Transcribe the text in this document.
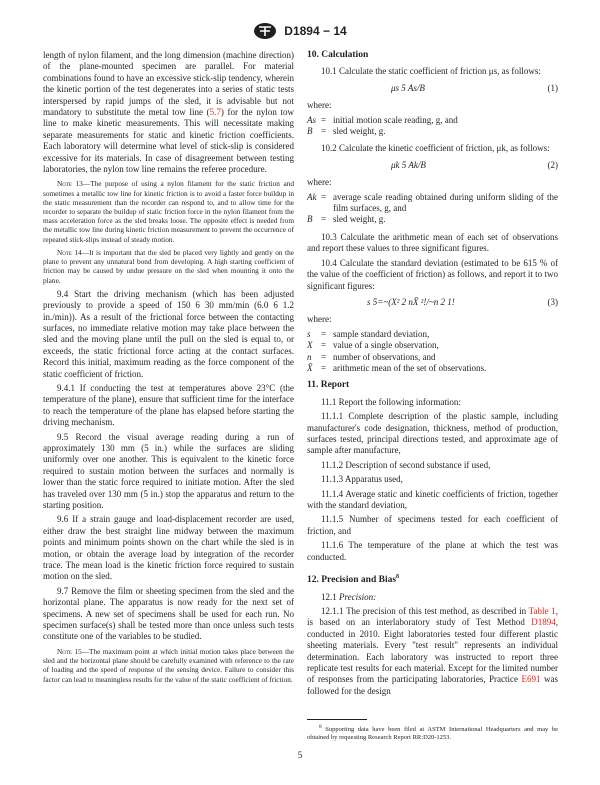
D1894 − 14

length of nylon filament, and the long dimension (machine direction) of the plane-mounted specimen are parallel. For material combinations found to have an excessive stick-slip tendency, wherein the kinetic portion of the test degenerates into a series of static tests interspersed by rapid jumps of the sled, it is advisable but not mandatory to substitute the metal tow line (5.7) for the nylon tow line to make kinetic measurements. This will necessitate making separate measurements for static and kinetic friction coefficients. Each laboratory will determine what level of stick-slip is considered excessive for its materials. In case of disagreement between testing laboratories, the nylon tow line remains the referee procedure.

Note 13—The purpose of using a nylon filament for the static friction and sometimes a metallic tow line for kinetic friction is to avoid a faster force buildup in the static measurement than the recorder can respond to, and to allow time for the recorder to separate the buildup of static friction force in the nylon filament from the mass acceleration force as the sled breaks loose. The opposite effect is needed from the metallic tow line during kinetic friction measurement to prevent the occurrence of repeated stick-slips instead of steady motion.

Note 14—It is important that the sled be placed very lightly and gently on the plane to prevent any unnatural bond from developing. A high starting coefficient of friction may be caused by undue pressure on the sled when mounting it onto the plane.

9.4 Start the driving mechanism (which has been adjusted previously to provide a speed of 150 6 30 mm/min (6.0 6 1.2 in./min)). As a result of the frictional force between the contacting surfaces, no immediate relative motion may take place between the sled and the moving plane until the pull on the sled is equal to, or exceeds, the static frictional force acting at the contact surfaces. Record this initial, maximum reading as the force component of the static coefficient of friction.

9.4.1 If conducting the test at temperatures above 23°C (the temperature of the plane), ensure that sufficient time for the interface to reach the temperature of the plane has elapsed before starting the driving mechanism.

9.5 Record the visual average reading during a run of approximately 130 mm (5 in.) while the surfaces are sliding uniformly over one another. This is equivalent to the kinetic force required to sustain motion between the surfaces and normally is lower than the static force required to initiate motion. After the sled has traveled over 130 mm (5 in.) stop the apparatus and return to the starting position.

9.6 If a strain gauge and load-displacement recorder are used, either draw the best straight line midway between the maximum points and minimum points shown on the chart while the sled is in motion, or obtain the average load by integration of the recorder trace. The mean load is the kinetic friction force required to sustain motion on the sled.

9.7 Remove the film or sheeting specimen from the sled and the horizontal plane. The apparatus is now ready for the next set of specimens. A new set of specimens shall be used for each run. No specimen surface(s) shall be tested more than once unless such tests constitute one of the variables to be studied.

Note 15—The maximum point at which initial motion takes place between the sled and the horizontal plane should be carefully examined with reference to the rate of loading and the speed of response of the sensing device. Failure to consider this factor can lead to meaningless results for the value of the static coefficient of friction.

10. Calculation

10.1 Calculate the static coefficient of friction μs, as follows:

μs 5 As/B	(1)

where:

As = initial motion scale reading, g, and
B = sled weight, g.

10.2 Calculate the kinetic coefficient of friction, μk, as follows:

μk 5 Ak/B	(2)

where:

Ak = average scale reading obtained during uniform sliding of the film surfaces, g, and
B = sled weight, g.

10.3 Calculate the arithmetic mean of each set of observations and report these values to three significant figures.

10.4 Calculate the standard deviation (estimated to be 615 % of the value of the coefficient of friction) as follows, and report it to two significant figures:

s 5=~(X² 2 nX̄ ²!/~n 2 1!	(3)

where:

s	= sample standard deviation,
X = value of a single observation,
n	= number of observations, and
X̄ = arithmetic mean of the set of observations.
11. Report

11.1 Report the following information:

11.1.1 Complete description of the plastic sample, including manufacturer's code designation, thickness, method of production, surfaces tested, principal directions tested, and approximate age of sample after manufacture,

11.1.2 Description of second substance if used,

11.1.3 Apparatus used,

11.1.4 Average static and kinetic coefficients of friction, together with the standard deviation,

11.1.5 Number of specimens tested for each coefficient of friction, and

11.1.6 The temperature of the plane at which the test was conducted.

12. Precision and Bias$^8$

12.1 Precision:

12.1.1 The precision of this test method, as described in Table 1, is based on an interlaboratory study of Test Method D1894, conducted in 2010. Eight laboratories tested four different plastic sheeting materials. Every "test result" represents an individual determination. Each laboratory was instructed to report three replicate test results for each material. Except for the limited number of responses from the participating laboratories, Practice E691 was followed for the design

$^8$ Supporting data have been filed at ASTM International Headquarters and may be obtained by requesting Research Report RR:D20-1253.

5
